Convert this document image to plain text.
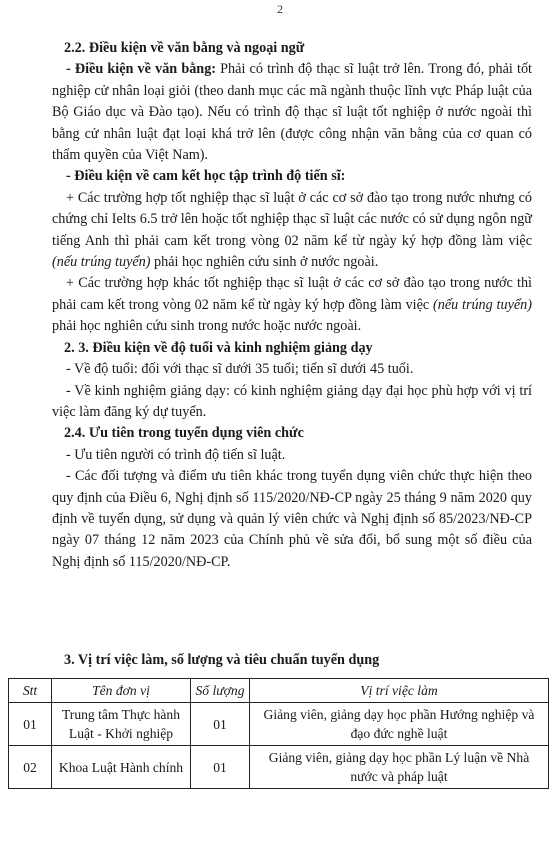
2

2.2. Điều kiện về văn bằng và ngoại ngữ

- Điều kiện về văn bằng: Phải có trình độ thạc sĩ luật trở lên. Trong đó, phải tốt nghiệp cử nhân loại giỏi (theo danh mục các mã ngành thuộc lĩnh vực Pháp luật của Bộ Giáo dục và Đào tạo). Nếu có trình độ thạc sĩ luật tốt nghiệp ở nước ngoài thì bằng cử nhân luật đạt loại khá trở lên (được công nhận văn bằng của cơ quan có thẩm quyền của Việt Nam).

- Điều kiện về cam kết học tập trình độ tiến sĩ:

+ Các trường hợp tốt nghiệp thạc sĩ luật ở các cơ sở đào tạo trong nước nhưng có chứng chỉ Ielts 6.5 trở lên hoặc tốt nghiệp thạc sĩ luật các nước có sử dụng ngôn ngữ tiếng Anh thì phải cam kết trong vòng 02 năm kể từ ngày ký hợp đồng làm việc (nếu trúng tuyển) phải học nghiên cứu sinh ở nước ngoài.

+ Các trường hợp khác tốt nghiệp thạc sĩ luật ở các cơ sở đào tạo trong nước thì phải cam kết trong vòng 02 năm kể từ ngày ký hợp đồng làm việc (nếu trúng tuyển) phải học nghiên cứu sinh trong nước hoặc nước ngoài.

2. 3. Điều kiện về độ tuổi và kinh nghiệm giảng dạy

- Về độ tuổi: đối với thạc sĩ dưới 35 tuổi; tiến sĩ dưới 45 tuổi.

- Về kinh nghiệm giảng dạy: có kinh nghiệm giảng dạy đại học phù hợp với vị trí việc làm đăng ký dự tuyển.

2.4. Ưu tiên trong tuyển dụng viên chức

- Ưu tiên người có trình độ tiến sĩ luật.

- Các đối tượng và điểm ưu tiên khác trong tuyển dụng viên chức thực hiện theo quy định của Điều 6, Nghị định số 115/2020/NĐ-CP ngày 25 tháng 9 năm 2020 quy định về tuyển dụng, sử dụng và quản lý viên chức và Nghị định số 85/2023/NĐ-CP ngày 07 tháng 12 năm 2023 của Chính phủ về sửa đổi, bổ sung một số điều của Nghị định số 115/2020/NĐ-CP.

3. Vị trí việc làm, số lượng và tiêu chuẩn tuyển dụng
Stt	Tên đơn vị	Số lượng	Vị trí việc làm
01	Trung tâm Thực hành Luật - Khởi nghiệp	01	Giảng viên, giảng dạy học phần Hướng nghiệp và đạo đức nghề luật
02	Khoa Luật Hành chính	01	Giảng viên, giảng dạy học phần Lý luận về Nhà nước và pháp luật
